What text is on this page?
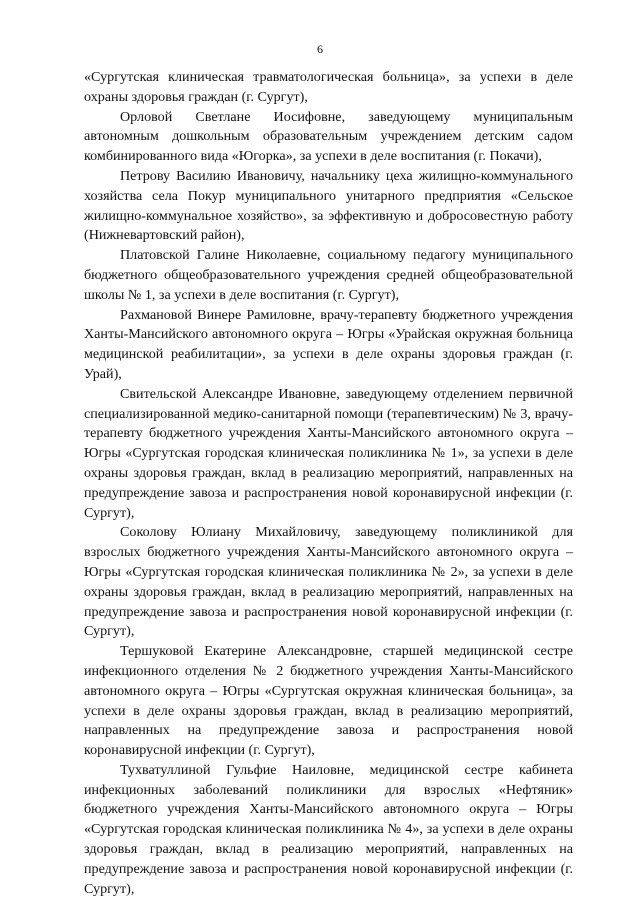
6

«Сургутская клиническая травматологическая больница», за успехи в деле охраны здоровья граждан (г. Сургут),

Орловой Светлане Иосифовне, заведующему муниципальным автономным дошкольным образовательным учреждением детским садом комбинированного вида «Югорка», за успехи в деле воспитания (г. Покачи),

Петрову Василию Ивановичу, начальнику цеха жилищно-коммунального хозяйства села Покур муниципального унитарного предприятия «Сельское жилищно-коммунальное хозяйство», за эффективную и добросовестную работу (Нижневартовский район),

Платовской Галине Николаевне, социальному педагогу муниципального бюджетного общеобразовательного учреждения средней общеобразовательной школы № 1, за успехи в деле воспитания (г. Сургут),

Рахмановой Винере Рамиловне, врачу-терапевту бюджетного учреждения Ханты-Мансийского автономного округа – Югры «Урайская окружная больница медицинской реабилитации», за успехи в деле охраны здоровья граждан (г. Урай),

Свительской Александре Ивановне, заведующему отделением первичной специализированной медико-санитарной помощи (терапевтическим) № 3, врачу-терапевту бюджетного учреждения Ханты-Мансийского автономного округа – Югры «Сургутская городская клиническая поликлиника № 1», за успехи в деле охраны здоровья граждан, вклад в реализацию мероприятий, направленных на предупреждение завоза и распространения новой коронавирусной инфекции (г. Сургут),

Соколову Юлиану Михайловичу, заведующему поликлиникой для взрослых бюджетного учреждения Ханты-Мансийского автономного округа – Югры «Сургутская городская клиническая поликлиника № 2», за успехи в деле охраны здоровья граждан, вклад в реализацию мероприятий, направленных на предупреждение завоза и распространения новой коронавирусной инфекции (г. Сургут),

Тершуковой Екатерине Александровне, старшей медицинской сестре инфекционного отделения № 2 бюджетного учреждения Ханты-Мансийского автономного округа – Югры «Сургутская окружная клиническая больница», за успехи в деле охраны здоровья граждан, вклад в реализацию мероприятий, направленных на предупреждение завоза и распространения новой коронавирусной инфекции (г. Сургут),

Тухватуллиной Гульфие Наиловне, медицинской сестре кабинета инфекционных заболеваний поликлиники для взрослых «Нефтяник» бюджетного учреждения Ханты-Мансийского автономного округа – Югры «Сургутская городская клиническая поликлиника № 4», за успехи в деле охраны здоровья граждан, вклад в реализацию мероприятий, направленных на предупреждение завоза и распространения новой коронавирусной инфекции (г. Сургут),
